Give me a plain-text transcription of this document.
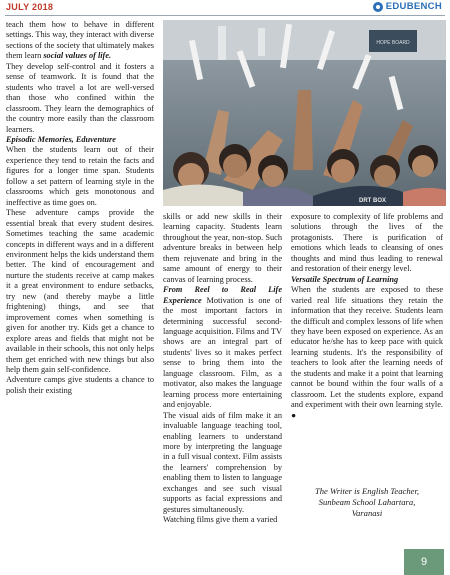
JULY 2018	EDUBENCH

teach them how to behave in different settings. This way, they interact with diverse sections of the society that ultimately makes them learn social values of life.

They develop self-control and it fosters a sense of teamwork. It is found that the students who travel a lot are well-versed than those who confined within the classroom. They learn the demographics of the country more easily than the classroom learners.

Episodic Memories, Eduventure

When the students learn out of their experience they tend to retain the facts and figures for a longer time span. Students follow a set pattern of learning style in the classrooms which gets monotonous and ineffective as time goes on.

These adventure camps provide the essential break that every student desires. Sometimes teaching the same academic concepts in different ways and in a different environment helps the kids understand them better. The kind of encouragement and nurture the students receive at camp makes it a great environment to endure setbacks, try new (and thereby maybe a little frightening) things, and see that improvement comes when something is given for another try. Kids get a chance to explore areas and fields that might not be available in their schools, this not only helps them get enriched with new things but also help them gain self-confidence.

Adventure camps give students a chance to polish their existing

HOPE BOARD
DRT BOX

skills or add new skills in their learning capacity. Students learn throughout the year, non-stop. Such adventure breaks in between help them rejuvenate and bring in the same amount of energy to their canvas of learning process.

From Reel to Real Life Experience Motivation is one of the most important factors in determining successful second-language acquisition. Films and TV shows are an integral part of students' lives so it makes perfect sense to bring them into the language classroom. Film, as a motivator, also makes the language learning process more entertaining and enjoyable.

The visual aids of film make it an invaluable language teaching tool, enabling learners to understand more by interpreting the language in a full visual context. Film assists the learners' comprehension by enabling them to listen to language exchanges and see such visual supports as facial expressions and gestures simultaneously.

Watching films give them a varied

exposure to complexity of life problems and solutions through the lives of the protagonists. There is purification of emotions which leads to cleansing of ones thoughts and mind thus leading to renewal and restoration of their energy level.

Versatile Spectrum of Learning

When the students are exposed to these varied real life situations they retain the information that they receive. Students learn the difficult and complex lessons of life when they have been exposed on experience. As an educator he/she has to keep pace with quick learning students. It's the responsibility of teachers to look after the learning needs of the students and make it a point that learning cannot be bound within the four walls of a classroom. Let the students explore, expand and experiment with their own learning style. ●

The Writer is English Teacher,
Sunbeam School Lahartara,
Varanasi
9
